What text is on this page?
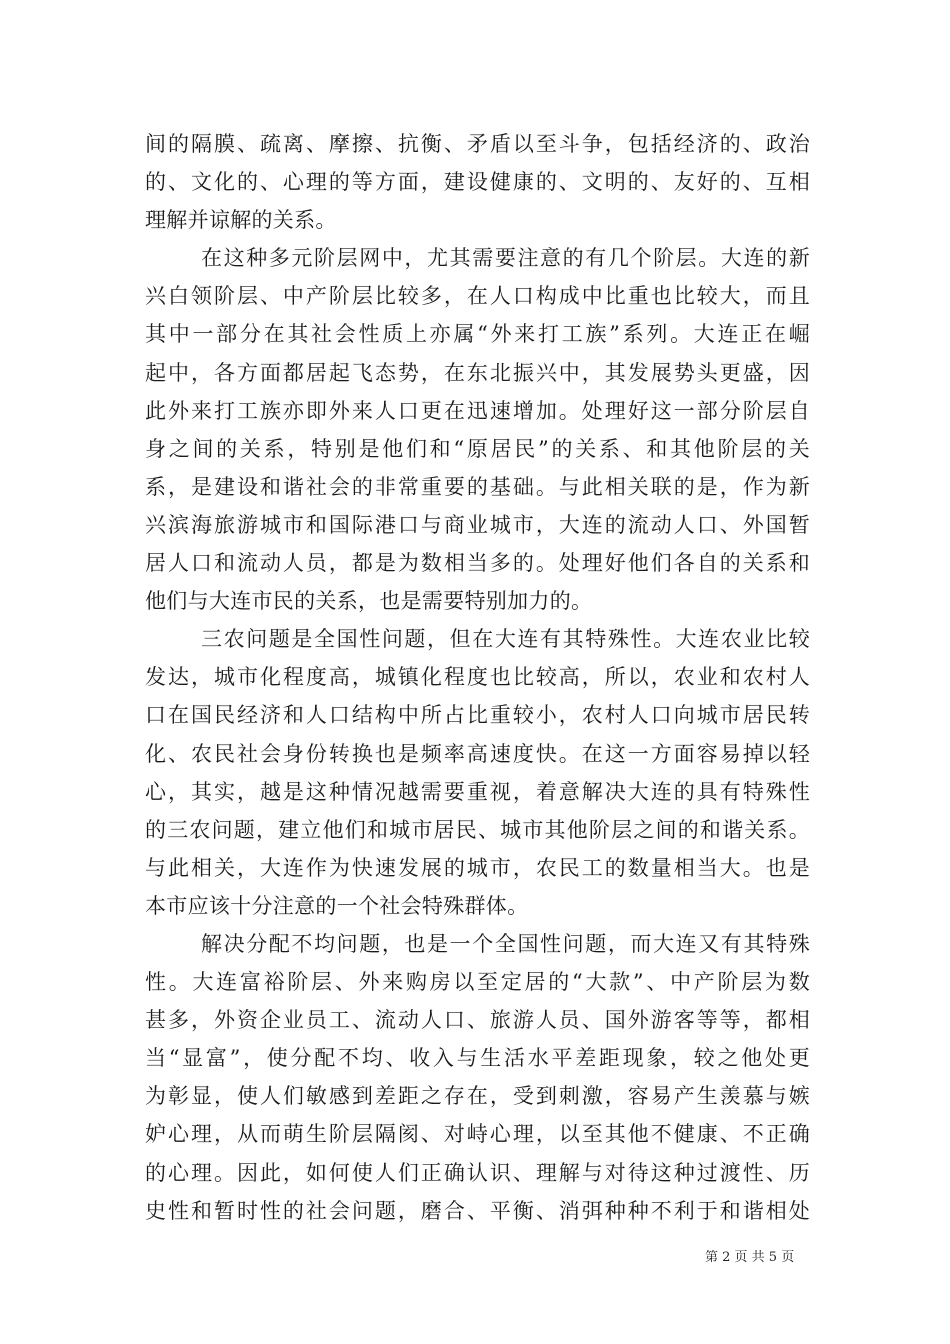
间的隔膜、疏离、摩擦、抗衡、矛盾以至斗争，包括经济的、政治
的、文化的、心理的等方面，建设健康的、文明的、友好的、互相
理解并谅解的关系。
在这种多元阶层网中，尤其需要注意的有几个阶层。大连的新
兴白领阶层、中产阶层比较多，在人口构成中比重也比较大，而且
其中一部分在其社会性质上亦属“外来打工族”系列。大连正在崛
起中，各方面都居起飞态势，在东北振兴中，其发展势头更盛，因
此外来打工族亦即外来人口更在迅速增加。处理好这一部分阶层自
身之间的关系，特别是他们和“原居民”的关系、和其他阶层的关
系，是建设和谐社会的非常重要的基础。与此相关联的是，作为新
兴滨海旅游城市和国际港口与商业城市，大连的流动人口、外国暂
居人口和流动人员，都是为数相当多的。处理好他们各自的关系和
他们与大连市民的关系，也是需要特别加力的。
三农问题是全国性问题，但在大连有其特殊性。大连农业比较
发达，城市化程度高，城镇化程度也比较高，所以，农业和农村人
口在国民经济和人口结构中所占比重较小，农村人口向城市居民转
化、农民社会身份转换也是频率高速度快。在这一方面容易掉以轻
心，其实，越是这种情况越需要重视，着意解决大连的具有特殊性
的三农问题，建立他们和城市居民、城市其他阶层之间的和谐关系。
与此相关，大连作为快速发展的城市，农民工的数量相当大。也是
本市应该十分注意的一个社会特殊群体。
解决分配不均问题，也是一个全国性问题，而大连又有其特殊
性。大连富裕阶层、外来购房以至定居的“大款”、中产阶层为数
甚多，外资企业员工、流动人口、旅游人员、国外游客等等，都相
当“显富”，使分配不均、收入与生活水平差距现象，较之他处更
为彰显，使人们敏感到差距之存在，受到刺激，容易产生羡慕与嫉
妒心理，从而萌生阶层隔阂、对峙心理，以至其他不健康、不正确
的心理。因此，如何使人们正确认识、理解与对待这种过渡性、历
史性和暂时性的社会问题，磨合、平衡、消弭种种不利于和谐相处
第 2 页 共 5 页
